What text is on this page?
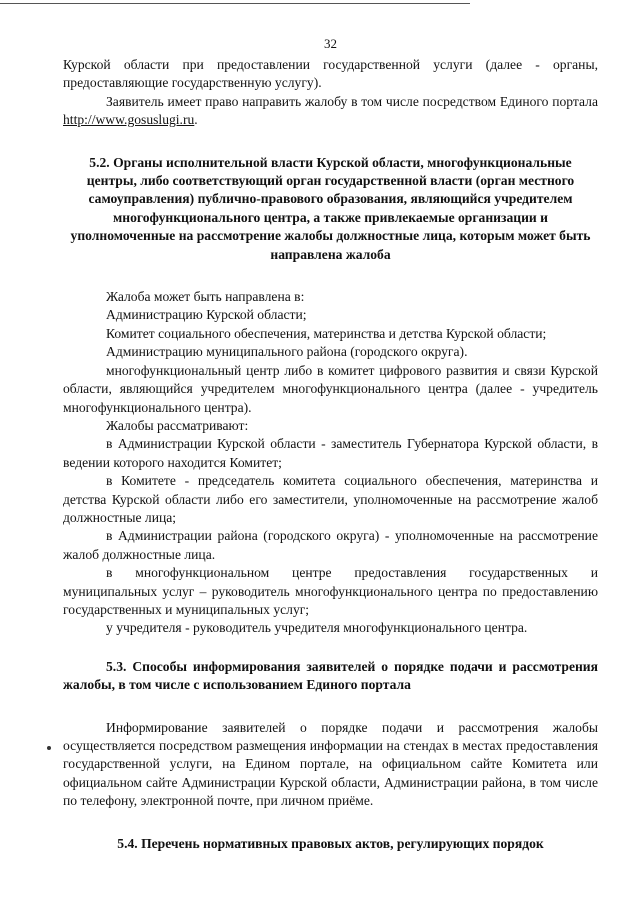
32

Курской области при предоставлении государственной услуги (далее - органы, предоставляющие государственную услугу).

Заявитель имеет право направить жалобу в том числе посредством Единого портала http://www.gosuslugi.ru.

5.2. Органы исполнительной власти Курской области, многофункциональные центры, либо соответствующий орган государственной власти (орган местного самоуправления) публично-правового образования, являющийся учредителем многофункционального центра, а также привлекаемые организации и уполномоченные на рассмотрение жалобы должностные лица, которым может быть направлена жалоба

Жалоба может быть направлена в:

Администрацию Курской области;

Комитет социального обеспечения, материнства и детства Курской области;

Администрацию муниципального района (городского округа).

многофункциональный центр либо в комитет цифрового развития и связи Курской области, являющийся учредителем многофункционального центра (далее - учредитель многофункционального центра).

Жалобы рассматривают:

в Администрации Курской области - заместитель Губернатора Курской области, в ведении которого находится Комитет;

в Комитете - председатель комитета социального обеспечения, материнства и детства Курской области либо его заместители, уполномоченные на рассмотрение жалоб должностные лица;

в Администрации района (городского округа) - уполномоченные на рассмотрение жалоб должностные лица.

в многофункциональном центре предоставления государственных и муниципальных услуг – руководитель многофункционального центра по предоставлению государственных и муниципальных услуг;

у учредителя - руководитель учредителя многофункционального центра.

5.3. Способы информирования заявителей о порядке подачи и рассмотрения жалобы, в том числе с использованием Единого портала

Информирование заявителей о порядке подачи и рассмотрения жалобы осуществляется посредством размещения информации на стендах в местах предоставления государственной услуги, на Едином портале, на официальном сайте Комитета или официальном сайте Администрации Курской области, Администрации района, в том числе по телефону, электронной почте, при личном приёме.

5.4. Перечень нормативных правовых актов, регулирующих порядок
